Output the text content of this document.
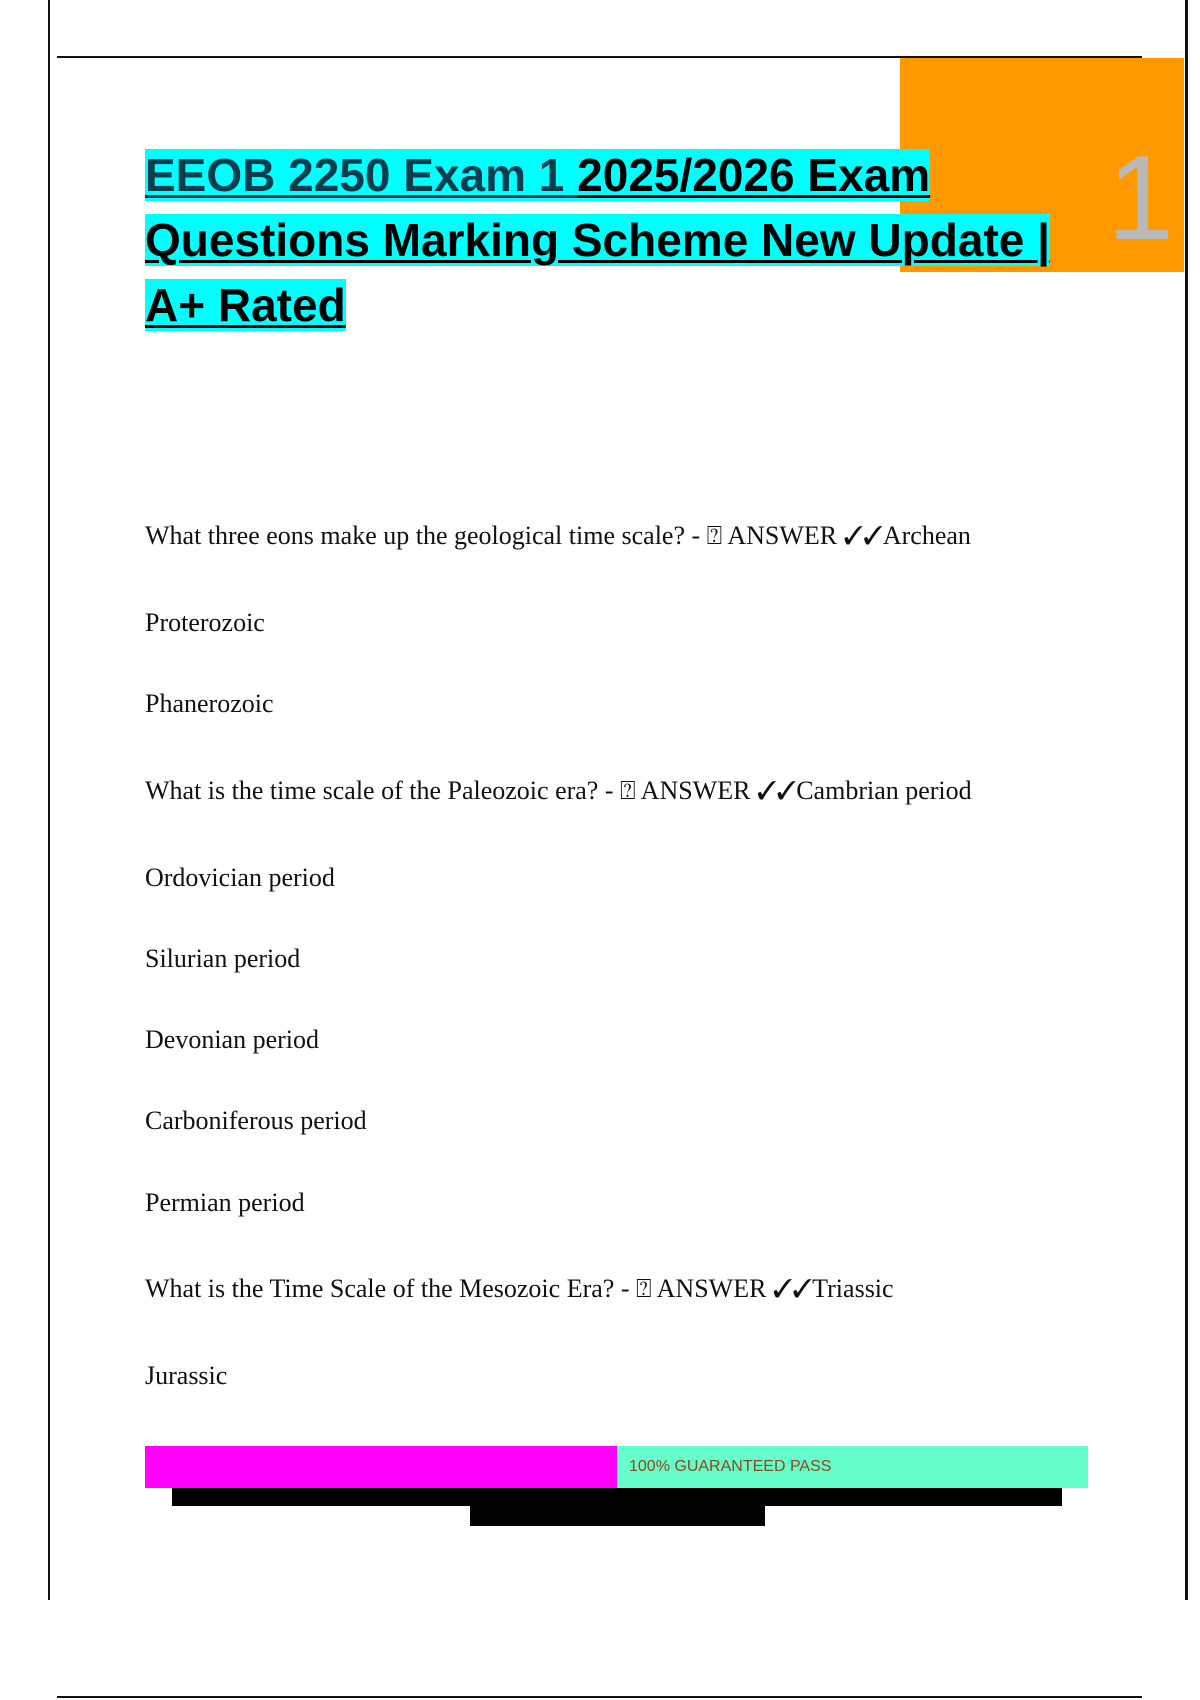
1
EEOB 2250 Exam 1 2025/2026 Exam Questions Marking Scheme New Update | A+ Rated

What three eons make up the geological time scale? - ⍰ ANSWER ✓✓Archean

Proterozoic

Phanerozoic

What is the time scale of the Paleozoic era? - ⍰ ANSWER ✓✓Cambrian period

Ordovician period

Silurian period

Devonian period

Carboniferous period

Permian period

What is the Time Scale of the Mesozoic Era? - ⍰ ANSWER ✓✓Triassic

Jurassic

100% GUARANTEED PASS
